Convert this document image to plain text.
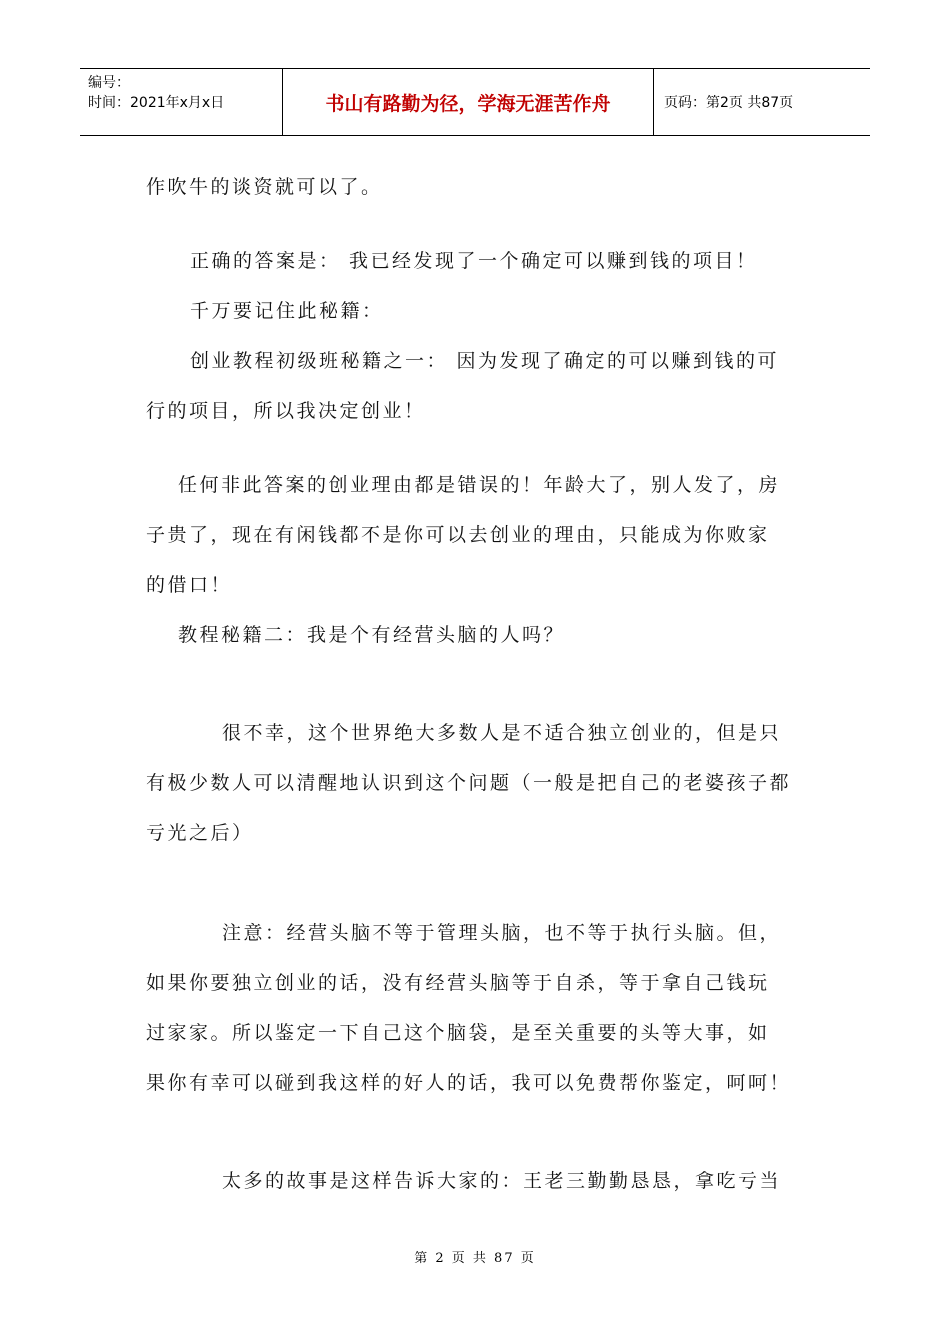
编号：
时间：2021年x月x日	书山有路勤为径，学海无涯苦作舟	页码：第2页 共87页
作吹牛的谈资就可以了。
正确的答案是： 我已经发现了一个确定可以赚到钱的项目！
千万要记住此秘籍：
创业教程初级班秘籍之一： 因为发现了确定的可以赚到钱的可
行的项目，所以我决定创业！
任何非此答案的创业理由都是错误的！年龄大了，别人发了，房
子贵了，现在有闲钱都不是你可以去创业的理由，只能成为你败家
的借口！
教程秘籍二：我是个有经营头脑的人吗？
很不幸，这个世界绝大多数人是不适合独立创业的，但是只
有极少数人可以清醒地认识到这个问题（一般是把自己的老婆孩子都
亏光之后）
注意：经营头脑不等于管理头脑，也不等于执行头脑。但，
如果你要独立创业的话，没有经营头脑等于自杀，等于拿自己钱玩
过家家。所以鉴定一下自己这个脑袋，是至关重要的头等大事，如
果你有幸可以碰到我这样的好人的话，我可以免费帮你鉴定，呵呵！
太多的故事是这样告诉大家的：王老三勤勤恳恳，拿吃亏当
第 2 页 共 87 页
